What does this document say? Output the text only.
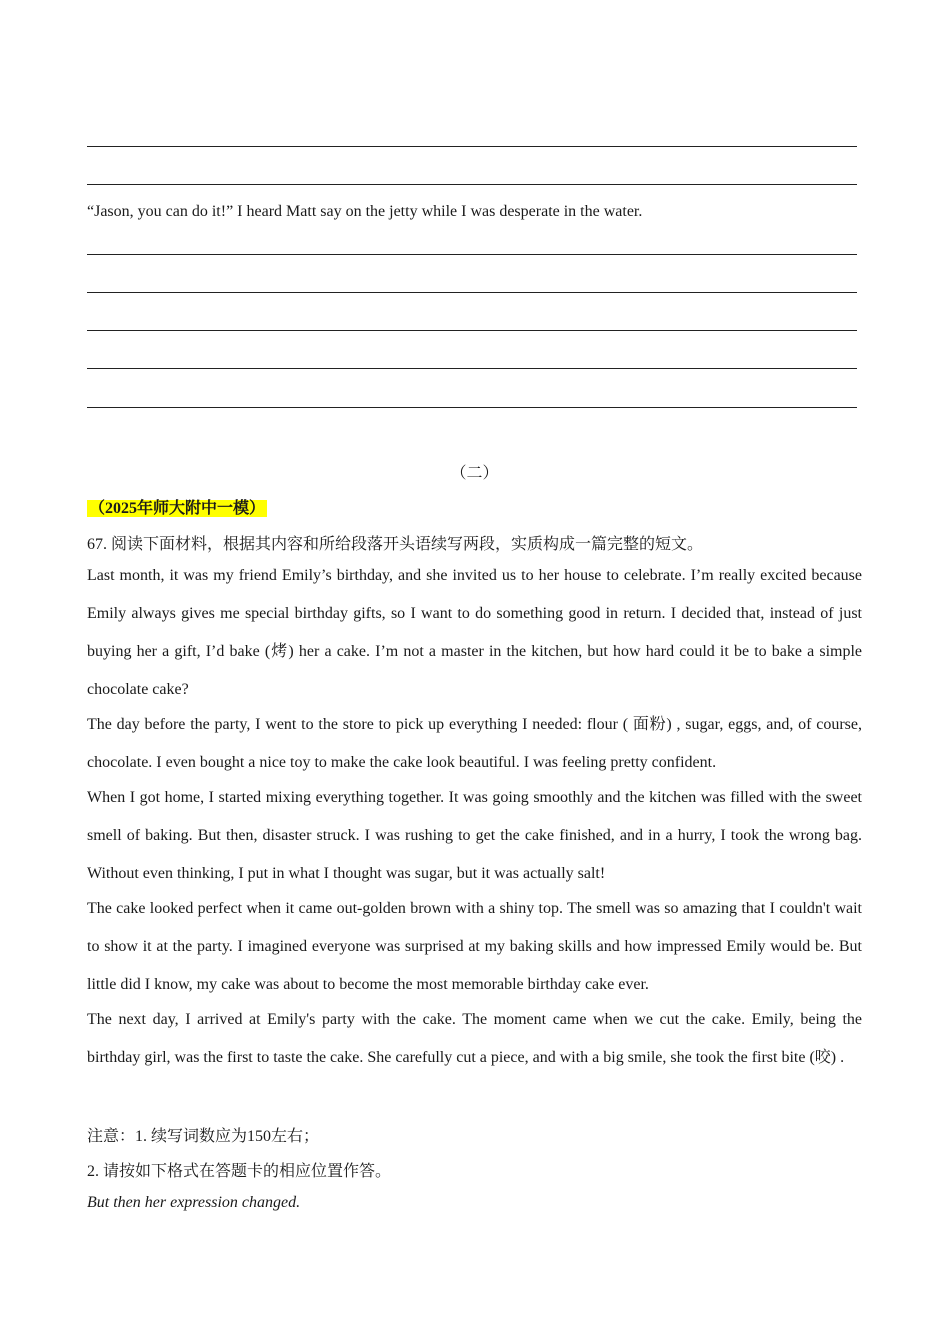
“Jason, you can do it!” I heard Matt say on the jetty while I was desperate in the water.
（二）
（2025年师大附中一模）
67. 阅读下面材料，根据其内容和所给段落开头语续写两段，实质构成一篇完整的短文。
Last month, it was my friend Emily’s birthday, and she invited us to her house to celebrate. I’m really excited because Emily always gives me special birthday gifts, so I want to do something good in return. I decided that, instead of just buying her a gift, I’d bake (烤) her a cake. I’m not a master in the kitchen, but how hard could it be to bake a simple chocolate cake?
The day before the party, I went to the store to pick up everything I needed: flour ( 面粉) , sugar, eggs, and, of course, chocolate. I even bought a nice toy to make the cake look beautiful. I was feeling pretty confident.
When I got home, I started mixing everything together. It was going smoothly and the kitchen was filled with the sweet smell of baking. But then, disaster struck. I was rushing to get the cake finished, and in a hurry, I took the wrong bag. Without even thinking, I put in what I thought was sugar, but it was actually salt!
The cake looked perfect when it came out-golden brown with a shiny top. The smell was so amazing that I couldn't wait to show it at the party. I imagined everyone was surprised at my baking skills and how impressed Emily would be. But little did I know, my cake was about to become the most memorable birthday cake ever.
The next day, I arrived at Emily's party with the cake. The moment came when we cut the cake. Emily, being the birthday girl, was the first to taste the cake. She carefully cut a piece, and with a big smile, she took the first bite (咬) .
注意：1. 续写词数应为150左右；
2. 请按如下格式在答题卡的相应位置作答。
But then her expression changed.
